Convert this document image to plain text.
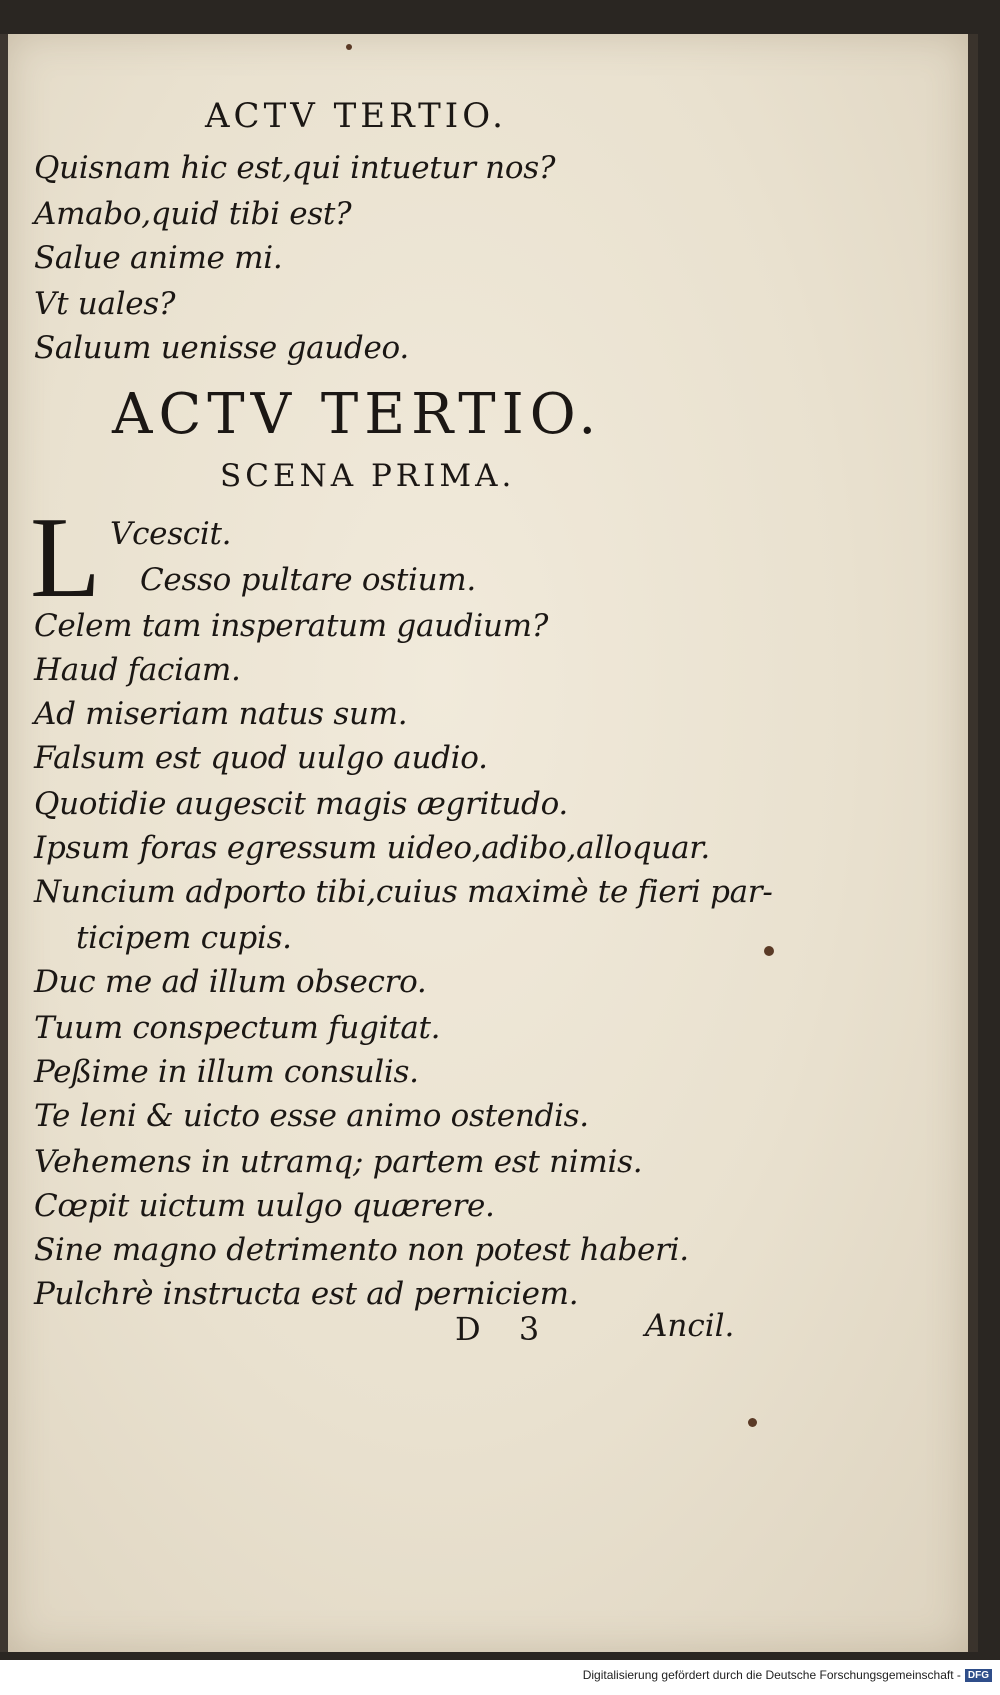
ACTV TERTIO.
Quisnam hic est,qui intuetur nos?
Amabo,quid tibi est?
Salue anime mi.
Vt uales?
Saluum uenisse gaudeo.
ACTV TERTIO.
SCENA PRIMA.
L Vcescit.
Cesso pultare ostium.
Celem tam insperatum gaudium?
Haud faciam.
Ad miseriam natus sum.
Falsum est quod uulgo audio.
Quotidie augescit magis ægritudo.
Ipsum foras egressum uideo,adibo,alloquar.
Nuncium adporto tibi,cuius maximè te fieri par-
ticipem cupis.
Duc me ad illum obsecro.
Tuum conspectum fugitat.
Peßime in illum consulis.
Te leni & uicto esse animo ostendis.
Vehemens in utramq; partem est nimis.
Cœpit uictum uulgo quærere.
Sine magno detrimento non potest haberi.
Pulchrè instructa est ad perniciem.
D 3	Ancil.
Digitalisierung gefördert durch die Deutsche Forschungsgemeinschaft - DFG
